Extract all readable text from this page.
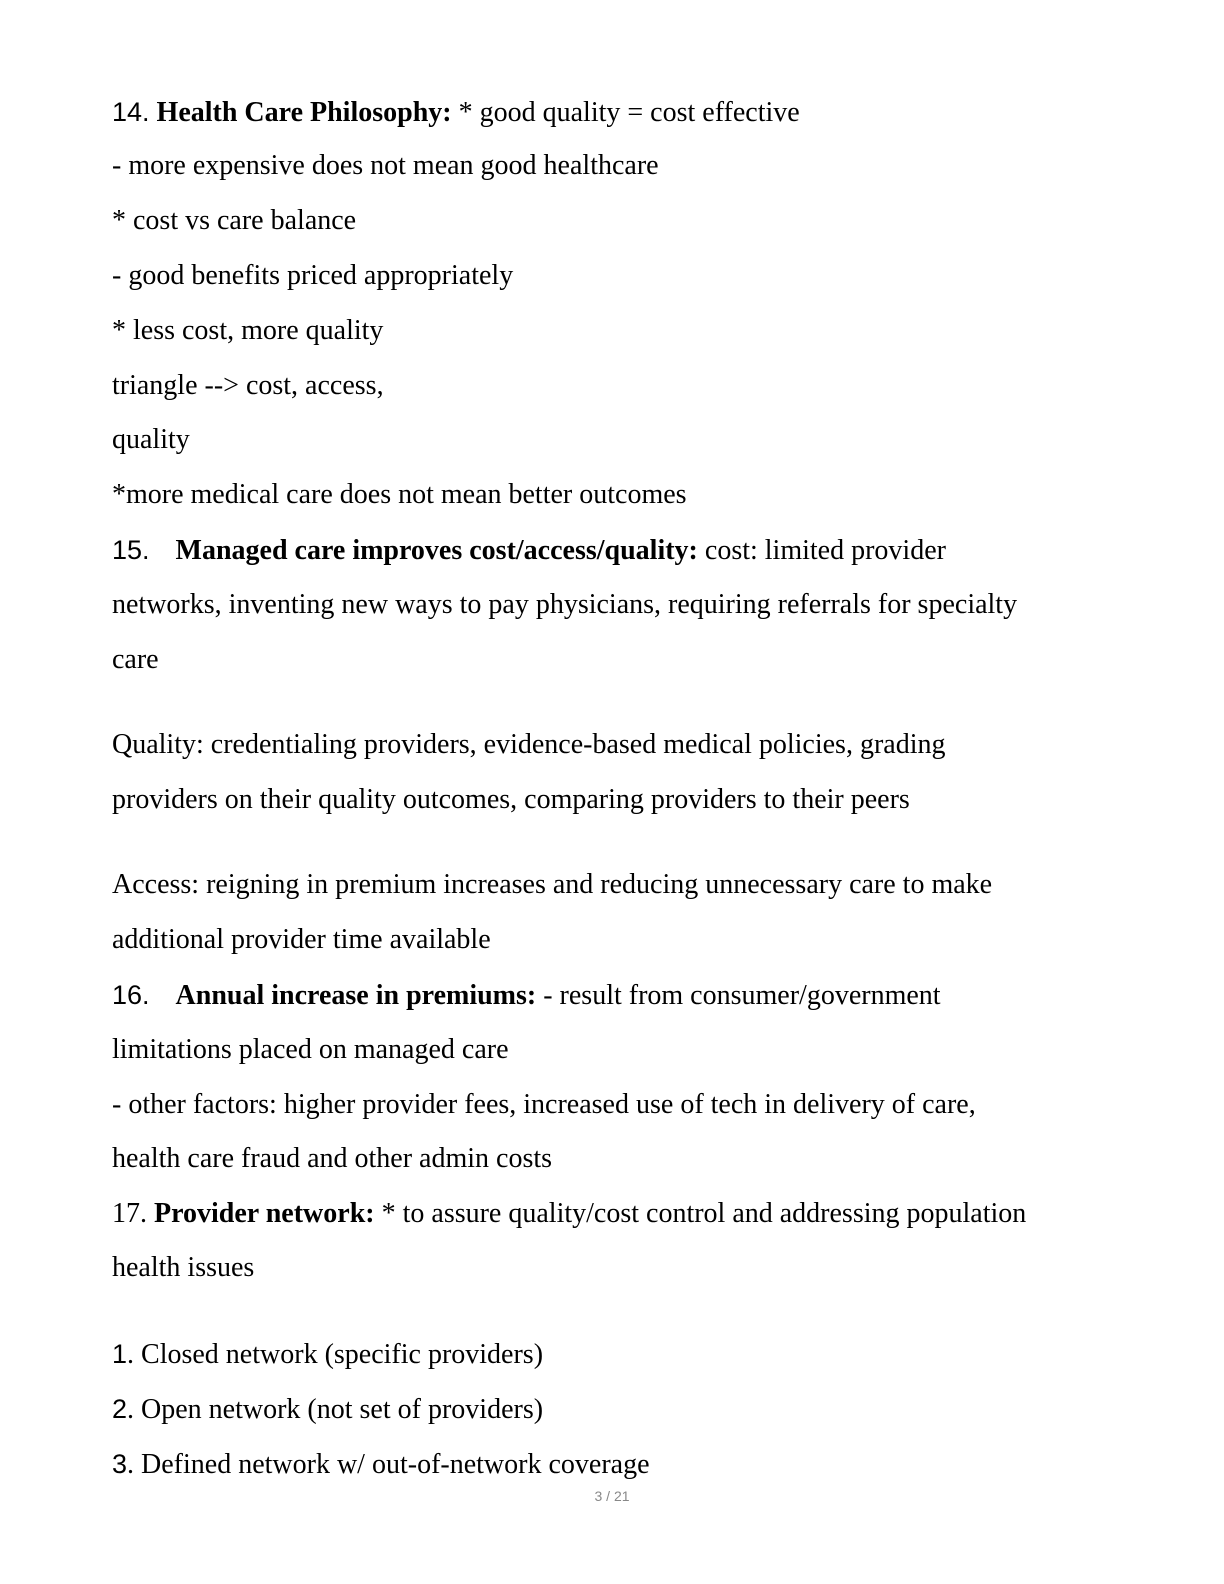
14. Health Care Philosophy: * good quality = cost effective
- more expensive does not mean good healthcare
* cost vs care balance
- good benefits priced appropriately
* less cost, more quality
triangle --> cost, access,
quality
*more medical care does not mean better outcomes
15. Managed care improves cost/access/quality: cost: limited provider
networks, inventing new ways to pay physicians, requiring referrals for specialty
care
Quality: credentialing providers, evidence-based medical policies, grading
providers on their quality outcomes, comparing providers to their peers
Access: reigning in premium increases and reducing unnecessary care to make
additional provider time available
16. Annual increase in premiums: - result from consumer/government
limitations placed on managed care
- other factors: higher provider fees, increased use of tech in delivery of care,
health care fraud and other admin costs
17. Provider network: * to assure quality/cost control and addressing population
health issues
1. Closed network (specific providers)
2. Open network (not set of providers)
3. Defined network w/ out-of-network coverage
3 / 21
